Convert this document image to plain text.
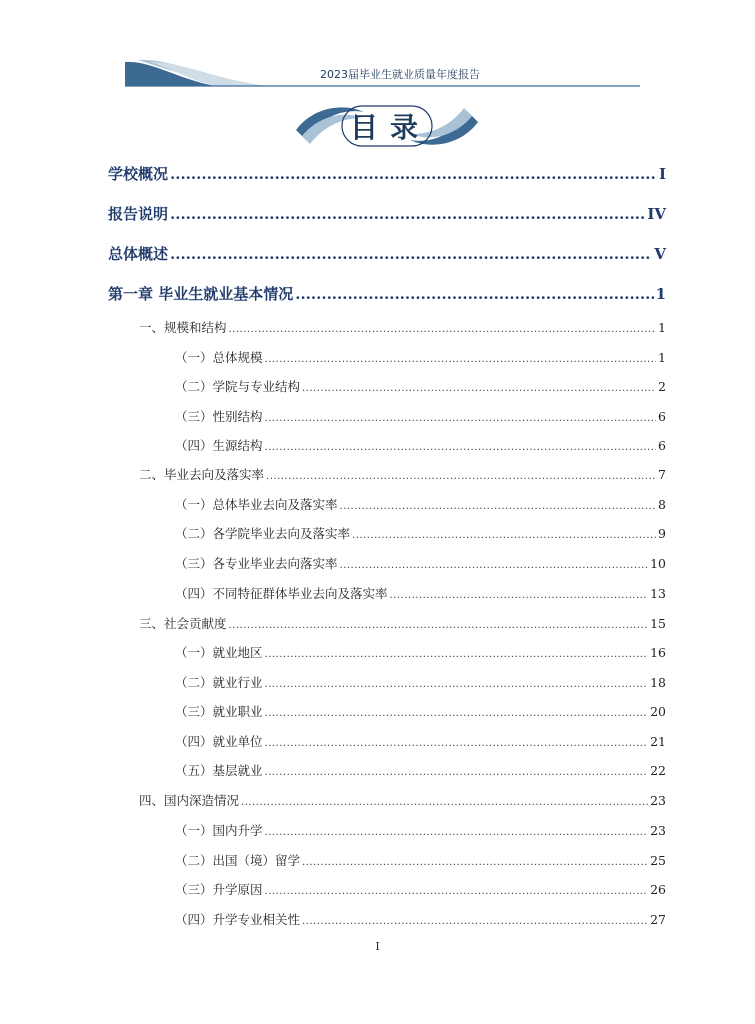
2023届毕业生就业质量年度报告
目录
学校概况 .....	I
报告说明 .....	IV
总体概述 .....	V
第一章 毕业生就业基本情况 .....	1
一、规模和结构 .....	1
（一）总体规模 .....	1
（二）学院与专业结构 .....	2
（三）性别结构 .....	6
（四）生源结构 .....	6
二、毕业去向及落实率 .....	7
（一）总体毕业去向及落实率 .....	8
（二）各学院毕业去向及落实率 .....	9
（三）各专业毕业去向落实率 .....	10
（四）不同特征群体毕业去向及落实率 .....	13
三、社会贡献度 .....	15
（一）就业地区 .....	16
（二）就业行业 .....	18
（三）就业职业 .....	20
（四）就业单位 .....	21
（五）基层就业 .....	22
四、国内深造情况 .....	23
（一）国内升学 .....	23
（二）出国（境）留学 .....	25
（三）升学原因 .....	26
（四）升学专业相关性 .....	27
I
